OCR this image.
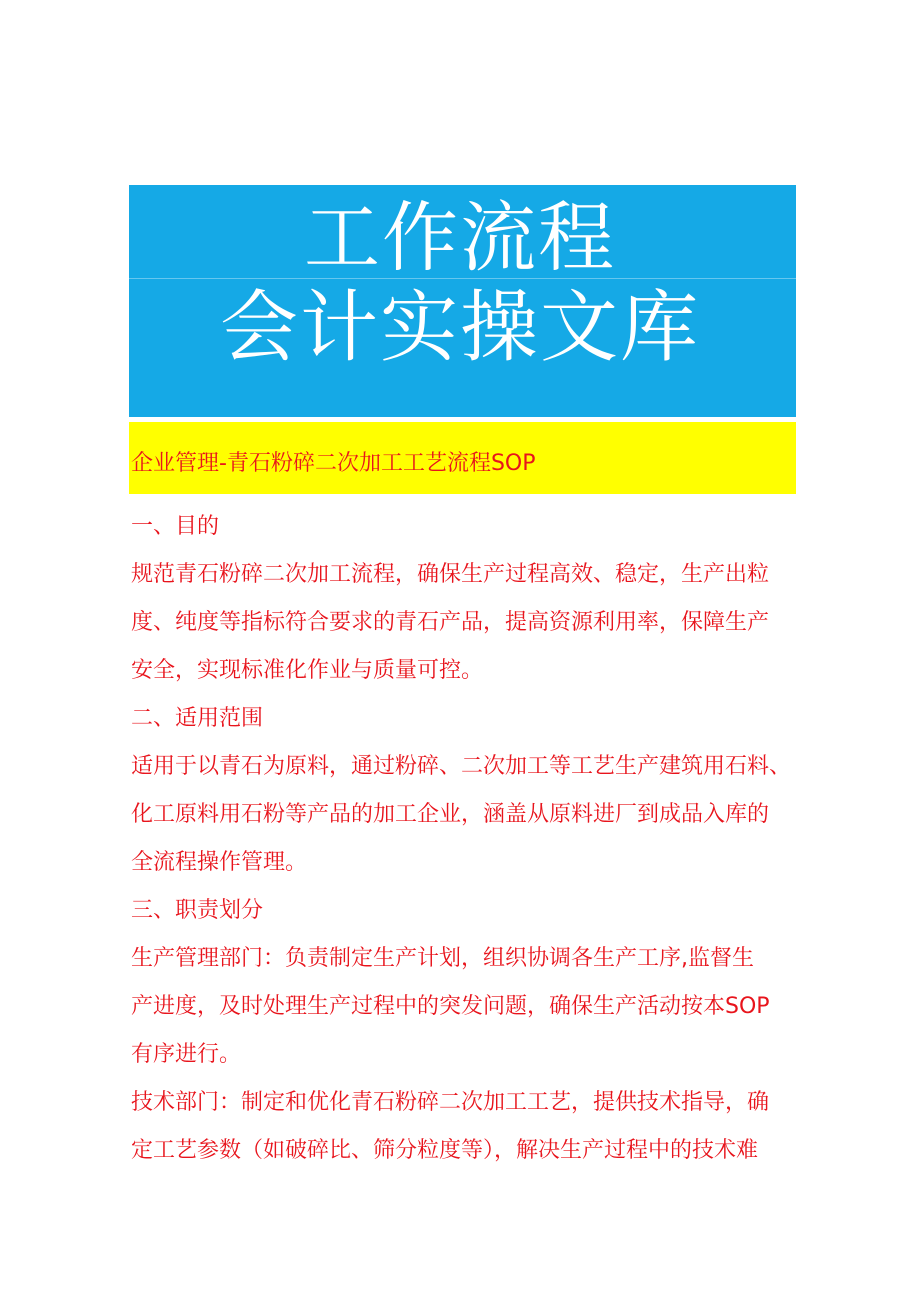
工作流程
会计实操文库
企业管理-青石粉碎二次加工工艺流程SOP
一、目的
规范青石粉碎二次加工流程，确保生产过程高效、稳定，生产出粒
度、纯度等指标符合要求的青石产品，提高资源利用率，保障生产
安全，实现标准化作业与质量可控。
二、适用范围
适用于以青石为原料，通过粉碎、二次加工等工艺生产建筑用石料、
化工原料用石粉等产品的加工企业，涵盖从原料进厂到成品入库的
全流程操作管理。
三、职责划分
生产管理部门：负责制定生产计划，组织协调各生产工序,监督生
产进度，及时处理生产过程中的突发问题，确保生产活动按本SOP
有序进行。
技术部门：制定和优化青石粉碎二次加工工艺，提供技术指导，确
定工艺参数（如破碎比、筛分粒度等），解决生产过程中的技术难
